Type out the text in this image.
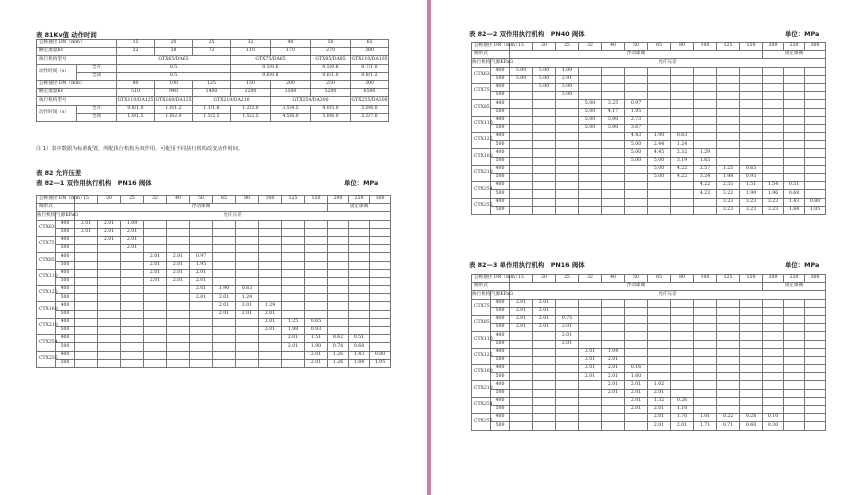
表 81Kv值 动作时间
公称通径 DN（mm）		15	20	25	32	40	50	65
额定流量Kv		22	38	72	110	170	270	380
执行机构型号		GTX65/DA65			GTX75/DA65		GTX85/DA85	GTX110/DA105
动作时间（s）	全开	0.5			0.5/0.6		0.5/0.6	0.7/1.0
	全闭	0.5			0.6/0.8		0.6/1.0	0.8/1.2
公称通径 DN（mm）		80	100	125	150	200	250	300
额定流量Kv		510	940	1400	2200	3500	5200	6500
执行机构型号		GTX110/DA125	GTX160/DA125	GTX210/DA210		GTX254/DA300		GTX255/DA300
动作时间（s）	全开	0.8/1.0	1.0/1.2	1.1/1.6	1.2/2.0	3.5/4.5	4.0/5.0	5.0/6.0
	全闭	1.0/1.5	1.0/2.0	1.5/2.5	1.5/2.5	4.5/6.0	5.0/6.0	5.5/7.0
注 1）表中数据为标准配置，所配执行机构为双作用，可配用不同执行机构改变动作时间。
表 82 允许压差
表 82—1 双作用执行机构　PN16 阀体	单位：MPa
公称通径 DN（mm）		15	20	25	32	40	50	65	80	100	125	150	200	250	300
阀形式		浮动球阀											固定球阀		
执行机构	气源KPaG	允许压差													
CTX63	400	2.01	2.01	1.09											
	500	2.01	2.01	2.01											
CTX75	400		2.01	2.01											
	500			2.01											
CTX85	400				2.01	2.01	0.97								
	500				2.01	2.01	1.95								
CTX110	400				2.01	2.01	2.01								
	500				2.01	2.01	2.01								
CTX125	400						2.01	1.90	0.63						
	500						2.01	2.01	1.24						
CTX160	400							2.01	2.01	1.29					
	500							2.01	2.01	2.01					
CTX210	400									2.01	1.25	0.65			
	500									2.01	1.98	0.93			
CTX254	400										2.01	1.51	0.62	0.51	
	500										2.01	1.90	0.78	0.68	
CTX255	400											2.01	1.26	1.43	0.80
	500											2.01	1.26	1.84	1.05
表 82—2 双作用执行机构　PN40 阀体	单位：MPa
公称通径 DN（mm）		15	20	25	32	40	50	65	80	100	125	150	200	250	300
阀形式		浮动球阀											固定球阀		
执行机构	气源KPaG	允许压差													
CTX63	400	5.00	5.00	1.09											
	500	5.00	5.00	2.91											
CTX75	400		5.00	5.00											
	500			5.00											
CTX85	400				5.00	3.25	0.97								
	500				5.00	4.17	1.95								
CTX110	400				5.00	5.00	2.73								
	500				5.00	5.00	3.67								
CTX125	400						4.43	1.90	0.63						
	500						5.00	2.44	1.24						
CTX160	400						5.00	4.45	2.32	1.29					
	500						5.00	5.00	3.19	1.65					
CTX210	400							5.00	4.22	2.57	1.25	0.65			
	500							5.00	4.22	3.24	1.98	0.93			
CTX254	400									4.22	2.55	1.51	1.54	0.51	
	500									4.22	3.22	1.90	1.96	0.68	
CTX255	400										3.23	3.23	3.23	1.43	0.80
	500										3.23	3.23	3.23	1.84	1.05
表 82—3 单作用执行机构　PN16 阀体	单位：MPa
公称通径 DN（mm）		15	20	25	32	40	50	65	80	100	125	150	200	250	300
阀形式		浮动球阀											固定球阀		
执行机构	气源KPaG	允许压差													
CTX75	400	2.01	2.01												
	500	2.01	2.01												
CTX85	400	2.01	2.01	0.75											
	500	2.01	2.01	2.01											
CTX110	400			2.01											
	500			2.01											
CTX125	400				2.01	1.04									
	500				2.01	2.01									
CTX160	400				2.01	2.01	0.16								
	500				2.01	2.01	1.60								
CTX210	400					2.01	2.01	1.02							
	500					2.01	2.01	2.01							
CTX254	400						2.01	1.32	0.26						
	500						2.01	2.01	1.10						
CTX255	400							2.01	1.70	1.01	0.22	0.28	0.10		
	500							2.01	2.01	1.71	0.71	0.60	0.30		
